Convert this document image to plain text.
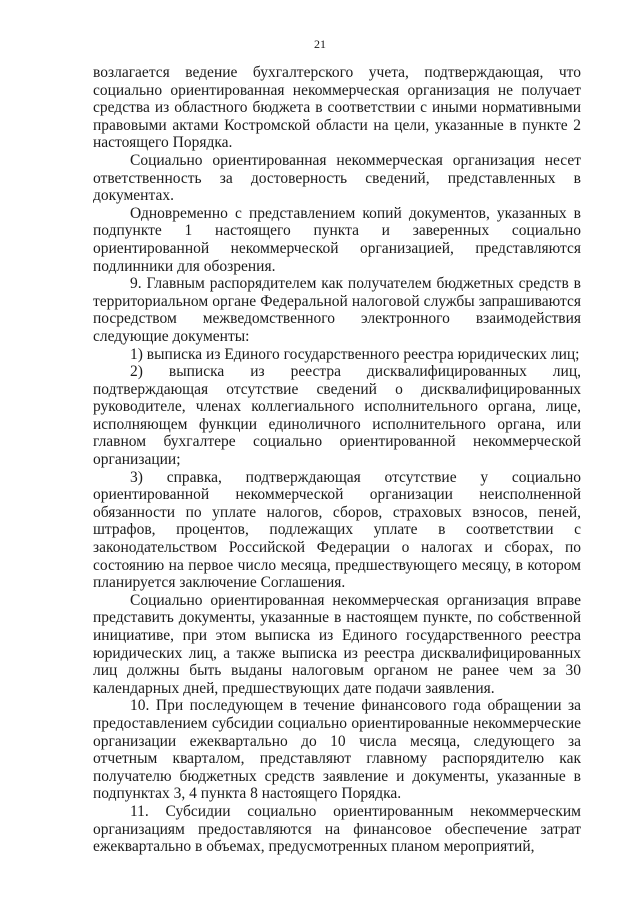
21

возлагается ведение бухгалтерского учета, подтверждающая, что социально ориентированная некоммерческая организация не получает средства из областного бюджета в соответствии с иными нормативными правовыми актами Костромской области на цели, указанные в пункте 2 настоящего Порядка.

Социально ориентированная некоммерческая организация несет ответственность за достоверность сведений, представленных в документах.

Одновременно с представлением копий документов, указанных в подпункте 1 настоящего пункта и заверенных социально ориентированной некоммерческой организацией, представляются подлинники для обозрения.

9. Главным распорядителем как получателем бюджетных средств в территориальном органе Федеральной налоговой службы запрашиваются посредством межведомственного электронного взаимодействия следующие документы:

1) выписка из Единого государственного реестра юридических лиц;

2) выписка из реестра дисквалифицированных лиц, подтверждающая отсутствие сведений о дисквалифицированных руководителе, членах коллегиального исполнительного органа, лице, исполняющем функции единоличного исполнительного органа, или главном бухгалтере социально ориентированной некоммерческой организации;

3) справка, подтверждающая отсутствие у социально ориентированной некоммерческой организации неисполненной обязанности по уплате налогов, сборов, страховых взносов, пеней, штрафов, процентов, подлежащих уплате в соответствии с законодательством Российской Федерации о налогах и сборах, по состоянию на первое число месяца, предшествующего месяцу, в котором планируется заключение Соглашения.

Социально ориентированная некоммерческая организация вправе представить документы, указанные в настоящем пункте, по собственной инициативе, при этом выписка из Единого государственного реестра юридических лиц, а также выписка из реестра дисквалифицированных лиц должны быть выданы налоговым органом не ранее чем за 30 календарных дней, предшествующих дате подачи заявления.

10. При последующем в течение финансового года обращении за предоставлением субсидии социально ориентированные некоммерческие организации ежеквартально до 10 числа месяца, следующего за отчетным кварталом, представляют главному распорядителю как получателю бюджетных средств заявление и документы, указанные в подпунктах 3, 4 пункта 8 настоящего Порядка.

11. Субсидии социально ориентированным некоммерческим организациям предоставляются на финансовое обеспечение затрат ежеквартально в объемах, предусмотренных планом мероприятий,
